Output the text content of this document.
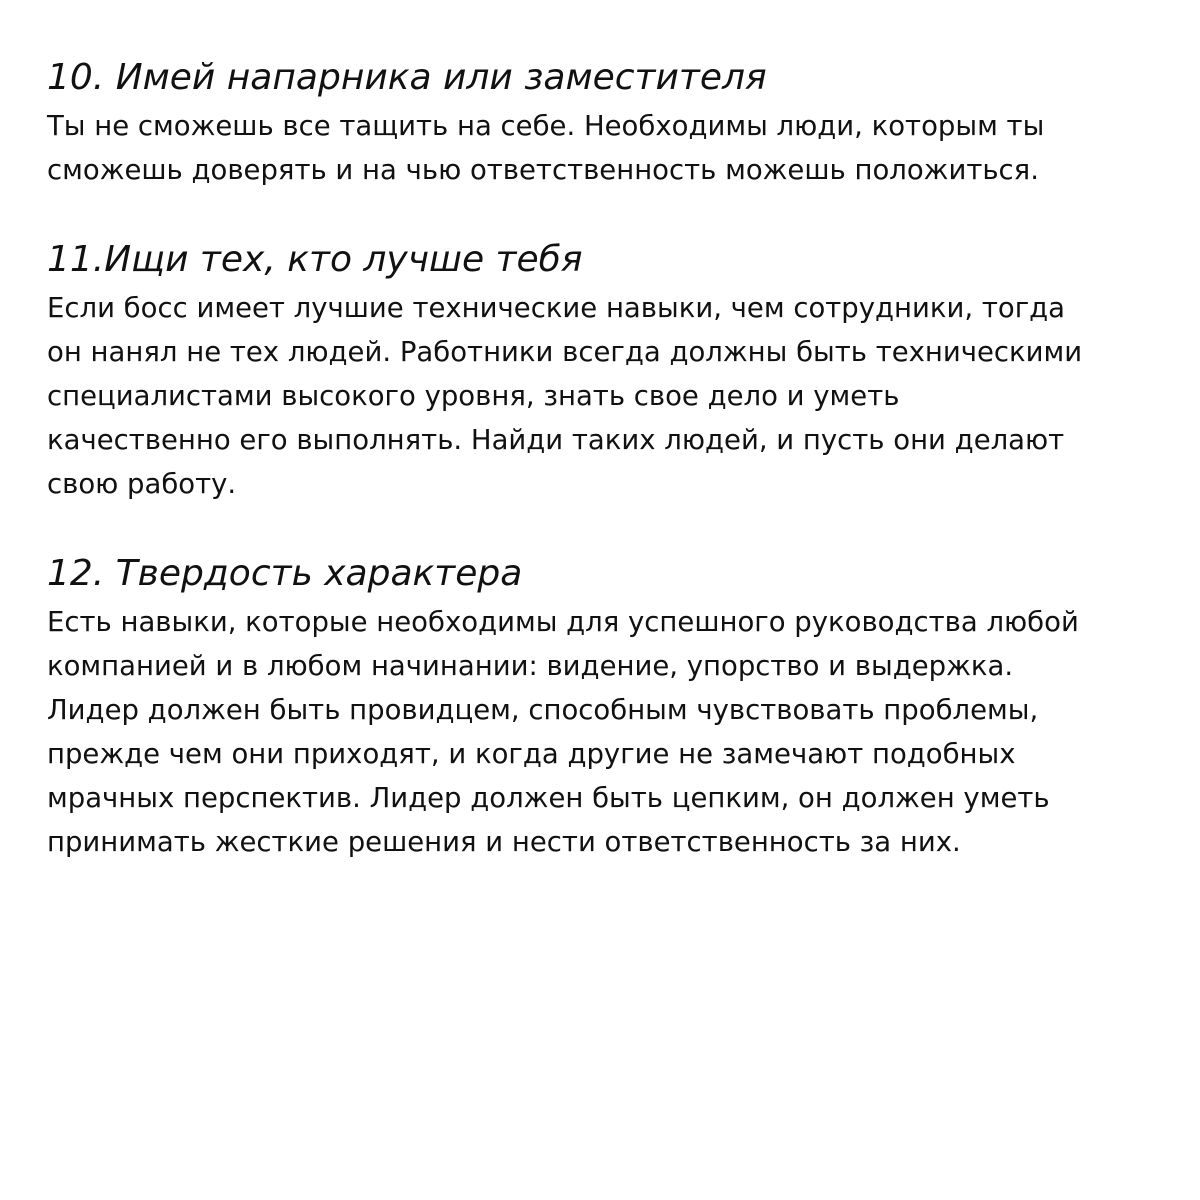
10. Имей напарника или заместителя

Ты не сможешь все тащить на себе. Необходимы люди, которым ты
сможешь доверять и на чью ответственность можешь положиться.

11.Ищи тех, кто лучше тебя

Если босс имеет лучшие технические навыки, чем сотрудники, тогда
он нанял не тех людей. Работники всегда должны быть техническими
специалистами высокого уровня, знать свое дело и уметь
качественно его выполнять. Найди таких людей, и пусть они делают
свою работу.

12. Твердость характера

Есть навыки, которые необходимы для успешного руководства любой
компанией и в любом начинании: видение, упорство и выдержка.
Лидер должен быть провидцем, способным чувствовать проблемы,
прежде чем они приходят, и когда другие не замечают подобных
мрачных перспектив. Лидер должен быть цепким, он должен уметь
принимать жесткие решения и нести ответственность за них.
